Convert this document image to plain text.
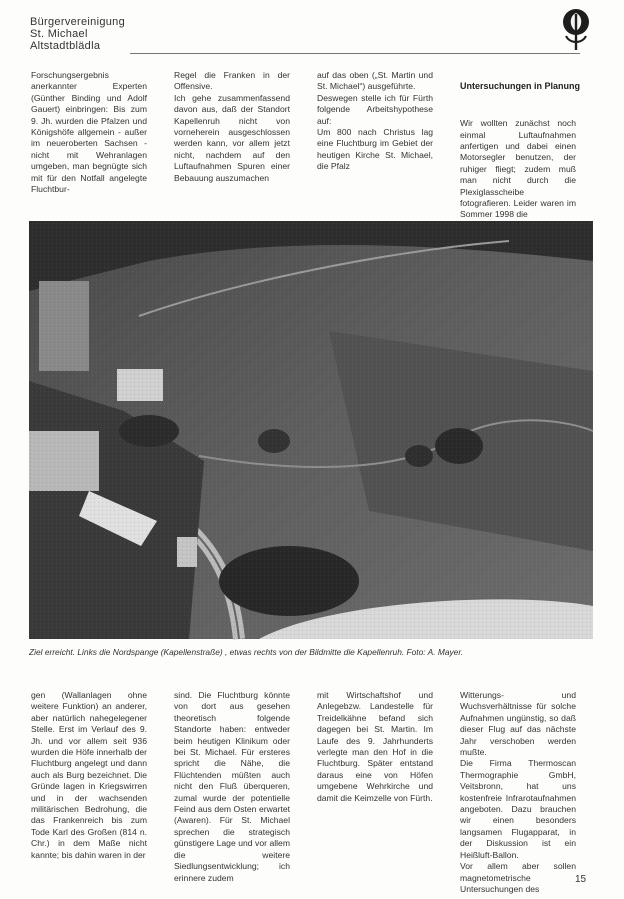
Bürgervereinigung
St. Michael
Altstadtblädla
Forschungsergebnis anerkannter Experten (Günther Binding und Adolf Gauert) einbringen: Bis zum 9. Jh. wurden die Pfalzen und Königshöfe allgemein - außer im neueroberten Sachsen - nicht mit Wehranlagen umgeben, man begnügte sich mit für den Notfall angelegte Fluchtbur-
Regel die Franken in der Offensive.
Ich gehe zusammenfassend davon aus, daß der Standort Kapellenruh nicht von vorneherein ausgeschlossen werden kann, vor allem jetzt nicht, nachdem auf den Luftaufnahmen Spuren einer Bebauung auszumachen
auf das oben („St. Martin und St. Michael“) ausgeführte.
Deswegen stelle ich für Fürth folgende Arbeitshypothese auf:
Um 800 nach Christus lag eine Fluchtburg im Gebiet der heutigen Kirche St. Michael, die Pfalz

Untersuchungen in Planung

Wir wollten zunächst noch einmal Luftaufnahmen anfertigen und dabei einen Motorsegler benutzen, der ruhiger fliegt; zudem muß man nicht durch die Plexiglasscheibe fotografieren. Leider waren im Sommer 1998 die

Ziel erreicht. Links die Nordspange (Kapellenstraße) , etwas rechts von der Bildmitte die Kapellenruh. Foto: A. Mayer.
gen (Wallanlagen ohne weitere Funktion) an anderer, aber natürlich nahegelegener Stelle. Erst im Verlauf des 9. Jh. und vor allem seit 936 wurden die Höfe innerhalb der Fluchtburg angelegt und dann auch als Burg bezeichnet. Die Gründe lagen in Kriegswirren und in der wachsenden militärischen Bedrohung, die das Frankenreich bis zum Tode Karl des Großen (814 n. Chr.) in dem Maße nicht kannte; bis dahin waren in der
sind. Die Fluchtburg könnte von dort aus gesehen theoretisch folgende Standorte haben: entweder beim heutigen Klinikum oder bei St. Michael. Für ersteres spricht die Nähe, die Flüchtenden müßten auch nicht den Fluß überqueren, zumal wurde der potentielle Feind aus dem Osten erwartet (Awaren). Für St. Michael sprechen die strategisch günstigere Lage und vor allem die weitere Siedlungsentwicklung; ich erinnere zudem
mit Wirtschaftshof und Anlegebzw. Landestelle für Treidelkähne befand sich dagegen bei St. Martin. Im Laufe des 9. Jahrhunderts verlegte man den Hof in die Fluchtburg. Später entstand daraus eine von Höfen umgebene Wehrkirche und damit die Keimzelle von Fürth.
Witterungs- und Wuchsverhältnisse für solche Aufnahmen ungünstig, so daß dieser Flug auf das nächste Jahr verschoben werden mußte.
Die Firma Thermoscan Thermographie GmbH, Veitsbronn, hat uns kostenfreie Infrarotaufnahmen angeboten. Dazu brauchen wir einen besonders langsamen Flugapparat, in der Diskussion ist ein Heißluft-Ballon.
Vor allem aber sollen magnetometrische Untersuchungen des
15
